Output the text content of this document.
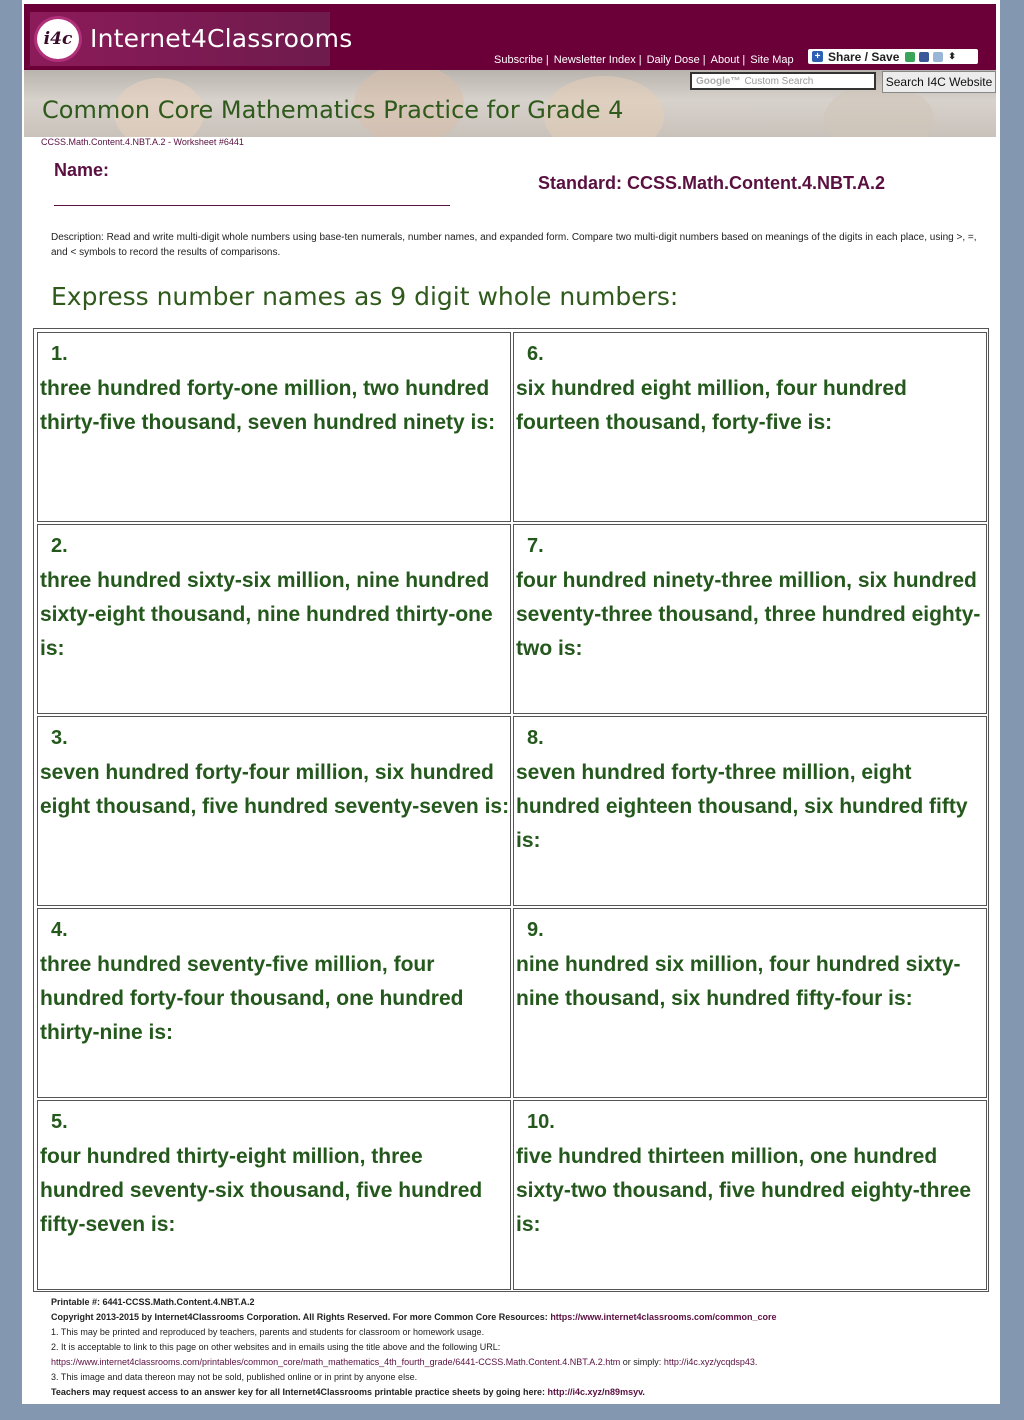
i4c Internet4Classrooms
Subscribe | Newsletter Index | Daily Dose | About | Site Map + Share / Save	⬍
Google™ Custom Search	Search I4C Website
Common Core Mathematics Practice for Grade 4
CCSS.Math.Content.4.NBT.A.2 - Worksheet #6441
Name:
Standard: CCSS.Math.Content.4.NBT.A.2
Description: Read and write multi-digit whole numbers using base-ten numerals, number names, and expanded form. Compare two multi-digit numbers based on meanings of the digits in each place, using >, =, and < symbols to record the results of comparisons.
Express number names as 9 digit whole numbers:
1.
three hundred forty-one million, two hundred thirty-five thousand, seven hundred ninety is:
6.
six hundred eight million, four hundred fourteen thousand, forty-five is:
2.
three hundred sixty-six million, nine hundred sixty-eight thousand, nine hundred thirty-one is:
7.
four hundred ninety-three million, six hundred seventy-three thousand, three hundred eighty-two is:
3.
seven hundred forty-four million, six hundred eight thousand, five hundred seventy-seven is:
8.
seven hundred forty-three million, eight hundred eighteen thousand, six hundred fifty is:
4.
three hundred seventy-five million, four hundred forty-four thousand, one hundred thirty-nine is:
9.
nine hundred six million, four hundred sixty-nine thousand, six hundred fifty-four is:
5.
four hundred thirty-eight million, three hundred seventy-six thousand, five hundred fifty-seven is:
10.
five hundred thirteen million, one hundred sixty-two thousand, five hundred eighty-three is:
Printable #: 6441-CCSS.Math.Content.4.NBT.A.2
Copyright 2013-2015 by Internet4Classrooms Corporation. All Rights Reserved. For more Common Core Resources: https://www.internet4classrooms.com/common_core
1. This may be printed and reproduced by teachers, parents and students for classroom or homework usage.
2. It is acceptable to link to this page on other websites and in emails using the title above and the following URL:
https://www.internet4classrooms.com/printables/common_core/math_mathematics_4th_fourth_grade/6441-CCSS.Math.Content.4.NBT.A.2.htm or simply: http://i4c.xyz/ycqdsp43.
3. This image and data thereon may not be sold, published online or in print by anyone else.
Teachers may request access to an answer key for all Internet4Classrooms printable practice sheets by going here: http://i4c.xyz/n89msyv.
